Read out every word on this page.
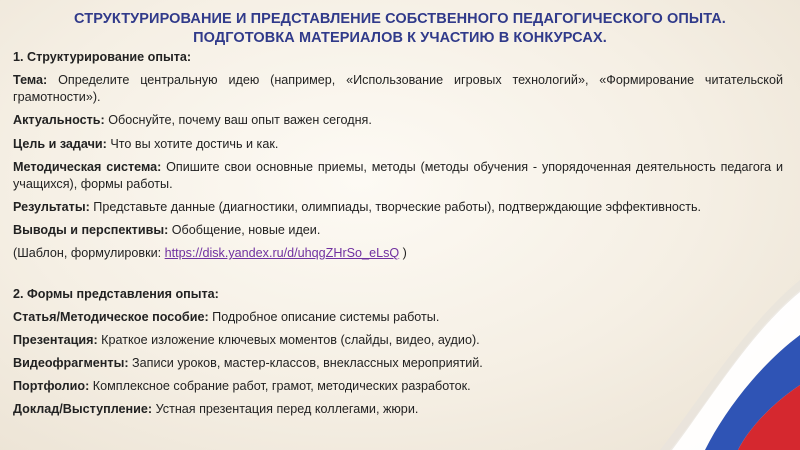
СТРУКТУРИРОВАНИЕ И ПРЕДСТАВЛЕНИЕ СОБСТВЕННОГО ПЕДАГОГИЧЕСКОГО ОПЫТА.
ПОДГОТОВКА МАТЕРИАЛОВ К УЧАСТИЮ В КОНКУРСАХ.
1. Структурирование опыта:
Тема: Определите центральную идею (например, «Использование игровых технологий», «Формирование читательской грамотности»).
Актуальность: Обоснуйте, почему ваш опыт важен сегодня.
Цель и задачи: Что вы хотите достичь и как.
Методическая система: Опишите свои основные приемы, методы (методы обучения - упорядоченная деятельность педагога и учащихся), формы работы.
Результаты: Представьте данные (диагностики, олимпиады, творческие работы), подтверждающие эффективность.
Выводы и перспективы: Обобщение, новые идеи.
(Шаблон, формулировки: https://disk.yandex.ru/d/uhqgZHrSo_eLsQ )
2. Формы представления опыта:
Статья/Методическое пособие: Подробное описание системы работы.
Презентация: Краткое изложение ключевых моментов (слайды, видео, аудио).
Видеофрагменты: Записи уроков, мастер-классов, внеклассных мероприятий.
Портфолио: Комплексное собрание работ, грамот, методических разработок.
Доклад/Выступление: Устная презентация перед коллегами, жюри.
